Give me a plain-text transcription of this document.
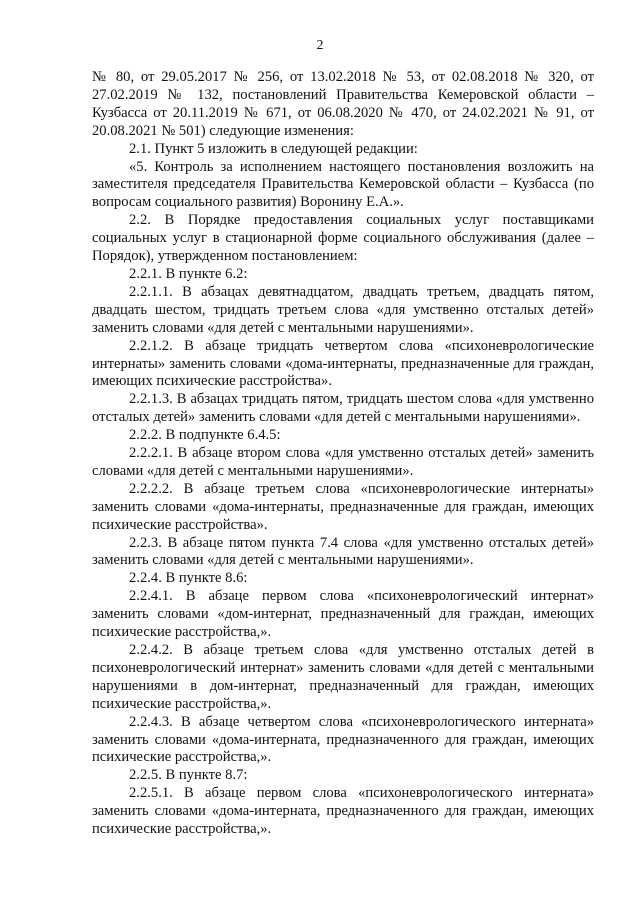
2

№ 80, от 29.05.2017 № 256, от 13.02.2018 № 53, от 02.08.2018 № 320, от 27.02.2019 № 132, постановлений Правительства Кемеровской области – Кузбасса от 20.11.2019 № 671, от 06.08.2020 № 470, от 24.02.2021 № 91, от 20.08.2021 № 501) следующие изменения:

2.1. Пункт 5 изложить в следующей редакции:

«5. Контроль за исполнением настоящего постановления возложить на заместителя председателя Правительства Кемеровской области – Кузбасса (по вопросам социального развития) Воронину Е.А.».

2.2. В Порядке предоставления социальных услуг поставщиками социальных услуг в стационарной форме социального обслуживания (далее – Порядок), утвержденном постановлением:

2.2.1. В пункте 6.2:

2.2.1.1. В абзацах девятнадцатом, двадцать третьем, двадцать пятом, двадцать шестом, тридцать третьем слова «для умственно отсталых детей» заменить словами «для детей с ментальными нарушениями».

2.2.1.2. В абзаце тридцать четвертом слова «психоневрологические интернаты» заменить словами «дома-интернаты, предназначенные для граждан, имеющих психические расстройства».

2.2.1.3. В абзацах тридцать пятом, тридцать шестом слова «для умственно отсталых детей» заменить словами «для детей с ментальными нарушениями».

2.2.2. В подпункте 6.4.5:

2.2.2.1. В абзаце втором слова «для умственно отсталых детей» заменить словами «для детей с ментальными нарушениями».

2.2.2.2. В абзаце третьем слова «психоневрологические интернаты» заменить словами «дома-интернаты, предназначенные для граждан, имеющих психические расстройства».

2.2.3. В абзаце пятом пункта 7.4 слова «для умственно отсталых детей» заменить словами «для детей с ментальными нарушениями».

2.2.4. В пункте 8.6:

2.2.4.1. В абзаце первом слова «психоневрологический интернат» заменить словами «дом-интернат, предназначенный для граждан, имеющих психические расстройства,».

2.2.4.2. В абзаце третьем слова «для умственно отсталых детей в психоневрологический интернат» заменить словами «для детей с ментальными нарушениями в дом-интернат, предназначенный для граждан, имеющих психические расстройства,».

2.2.4.3. В абзаце четвертом слова «психоневрологического интерната» заменить словами «дома-интерната, предназначенного для граждан, имеющих психические расстройства,».

2.2.5. В пункте 8.7:

2.2.5.1. В абзаце первом слова «психоневрологического интерната» заменить словами «дома-интерната, предназначенного для граждан, имеющих психические расстройства,».
